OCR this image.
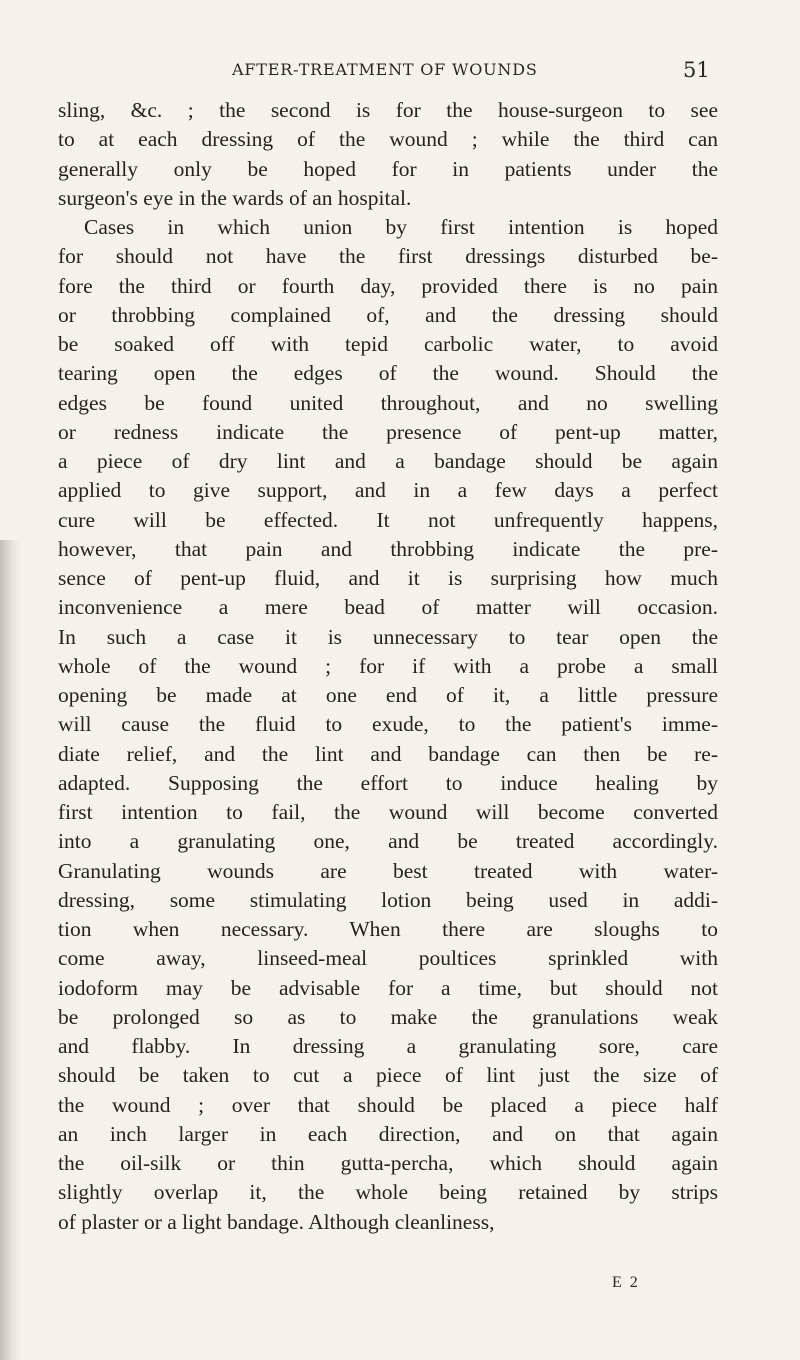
AFTER-TREATMENT OF WOUNDS	51
sling, &c. ; the second is for the house-surgeon to see
to at each dressing of the wound ; while the third can
generally only be hoped for in patients under the
surgeon's eye in the wards of an hospital.
Cases in which union by first intention is hoped
for should not have the first dressings disturbed be-
fore the third or fourth day, provided there is no pain
or throbbing complained of, and the dressing should
be soaked off with tepid carbolic water, to avoid
tearing open the edges of the wound. Should the
edges be found united throughout, and no swelling
or redness indicate the presence of pent-up matter,
a piece of dry lint and a bandage should be again
applied to give support, and in a few days a perfect
cure will be effected. It not unfrequently happens,
however, that pain and throbbing indicate the pre-
sence of pent-up fluid, and it is surprising how much
inconvenience a mere bead of matter will occasion.
In such a case it is unnecessary to tear open the
whole of the wound ; for if with a probe a small
opening be made at one end of it, a little pressure
will cause the fluid to exude, to the patient's imme-
diate relief, and the lint and bandage can then be re-
adapted. Supposing the effort to induce healing by
first intention to fail, the wound will become converted
into a granulating one, and be treated accordingly.
Granulating wounds are best treated with water-
dressing, some stimulating lotion being used in addi-
tion when necessary. When there are sloughs to
come away, linseed-meal poultices sprinkled with
iodoform may be advisable for a time, but should not
be prolonged so as to make the granulations weak
and flabby. In dressing a granulating sore, care
should be taken to cut a piece of lint just the size of
the wound ; over that should be placed a piece half
an inch larger in each direction, and on that again
the oil-silk or thin gutta-percha, which should again
slightly overlap it, the whole being retained by strips
of plaster or a light bandage. Although cleanliness,
E 2
